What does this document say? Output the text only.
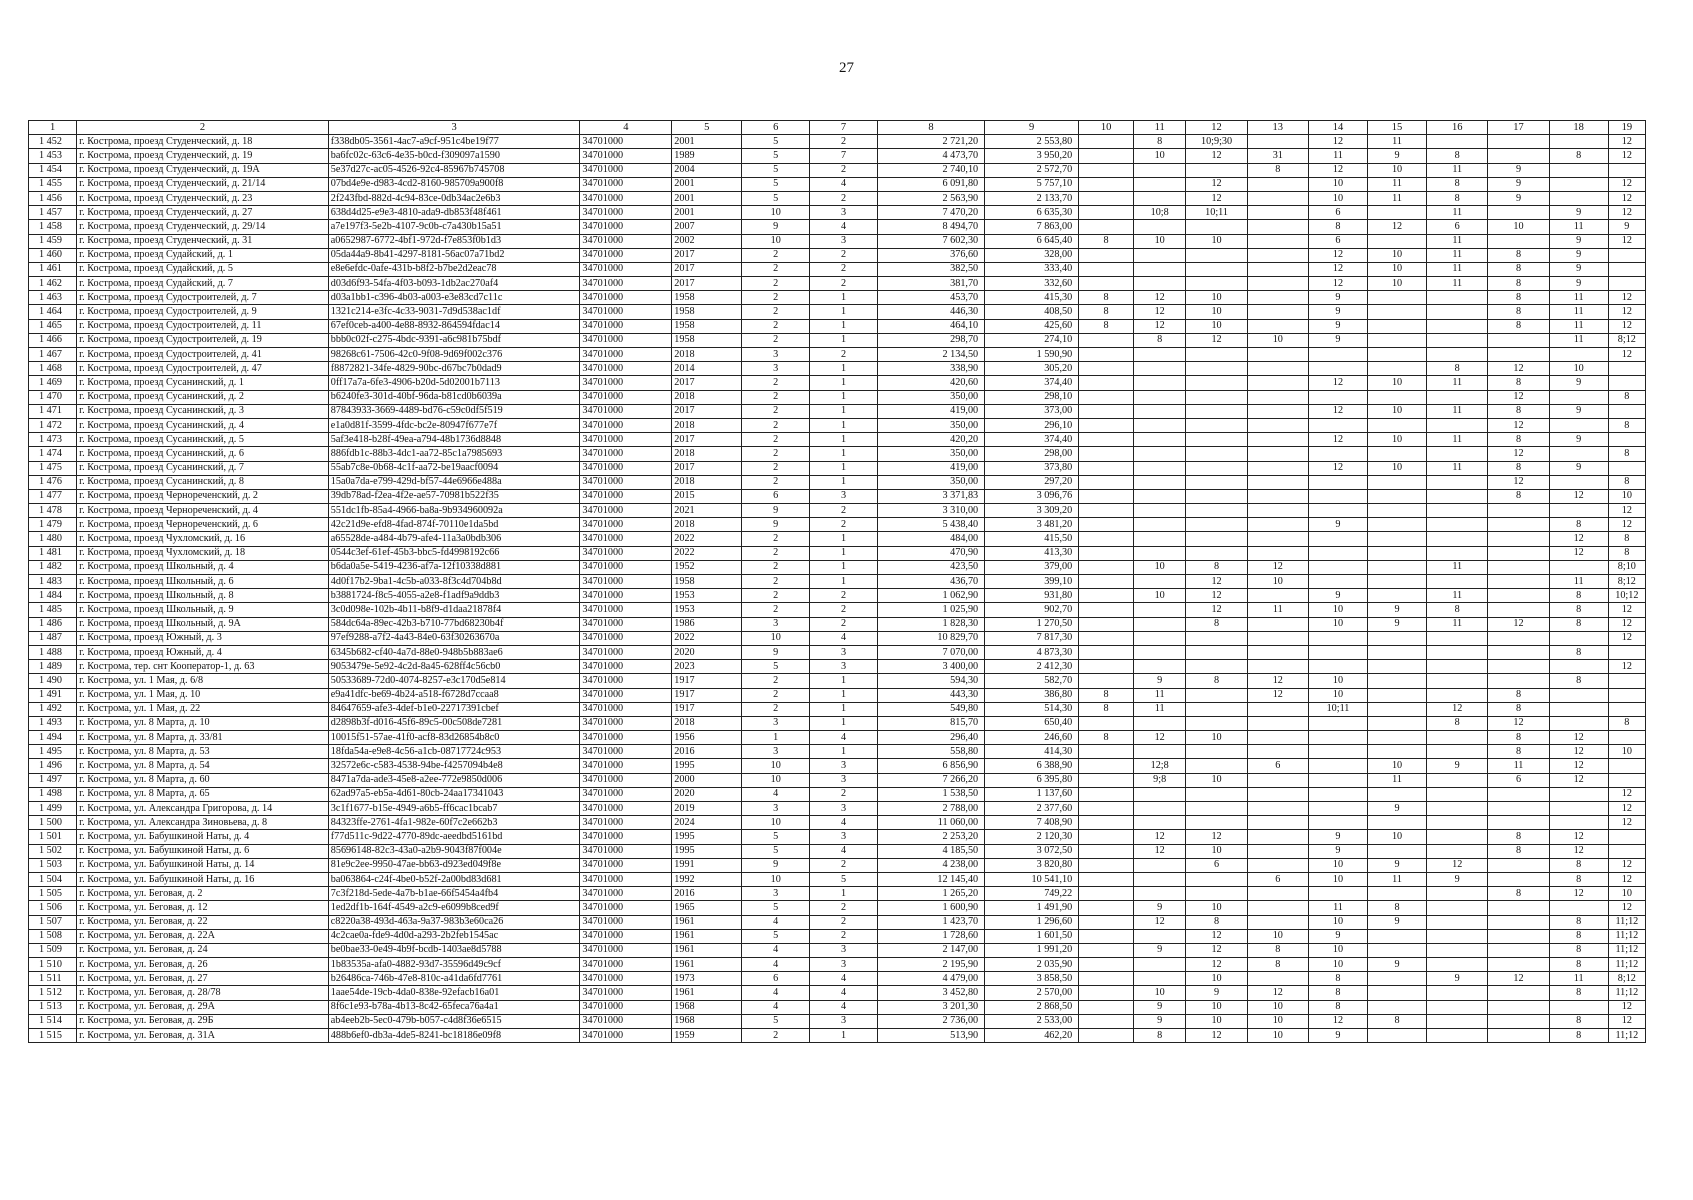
27
1	2	3	4	5	6	7	8	9	10	11	12	13	14	15	16	17	18	19
1 452	г. Кострома, проезд Студенческий, д. 18	f338db05-3561-4ac7-a9cf-951c4be19f77	34701000	2001	5	2	2 721,20	2 553,80		8	10;9;30		12	11				12
1 453	г. Кострома, проезд Студенческий, д. 19	ba6fc02c-63c6-4e35-b0cd-f309097a1590	34701000	1989	5	7	4 473,70	3 950,20		10	12	31	11	9	8		8	12
1 454	г. Кострома, проезд Студенческий, д. 19А	5e37d27c-ac05-4526-92c4-85967b745708	34701000	2004	5	2	2 740,10	2 572,70				8	12	10	11	9		
1 455	г. Кострома, проезд Студенческий, д. 21/14	07bd4e9e-d983-4cd2-8160-985709a900f8	34701000	2001	5	4	6 091,80	5 757,10			12		10	11	8	9		12
1 456	г. Кострома, проезд Студенческий, д. 23	2f243fbd-882d-4c94-83ce-0db34ac2e6b3	34701000	2001	5	2	2 563,90	2 133,70			12		10	11	8	9		12
1 457	г. Кострома, проезд Студенческий, д. 27	638d4d25-e9e3-4810-ada9-db853f48f461	34701000	2001	10	3	7 470,20	6 635,30		10;8	10;11		6		11		9	12
1 458	г. Кострома, проезд Студенческий, д. 29/14	a7e197f3-5e2b-4107-9c0b-c7a430b15a51	34701000	2007	9	4	8 494,70	7 863,00					8	12	6	10	11	9
1 459	г. Кострома, проезд Студенческий, д. 31	a0652987-6772-4bf1-972d-f7e853f0b1d3	34701000	2002	10	3	7 602,30	6 645,40	8	10	10		6		11		9	12
1 460	г. Кострома, проезд Судайский, д. 1	05da44a9-8b41-4297-8181-56ac07a71bd2	34701000	2017	2	2	376,60	328,00					12	10	11	8	9	
1 461	г. Кострома, проезд Судайский, д. 5	e8e6efdc-0afe-431b-b8f2-b7be2d2eac78	34701000	2017	2	2	382,50	333,40					12	10	11	8	9	
1 462	г. Кострома, проезд Судайский, д. 7	d03d6f93-54fa-4f03-b093-1db2ac270af4	34701000	2017	2	2	381,70	332,60					12	10	11	8	9	
1 463	г. Кострома, проезд Судостроителей, д. 7	d03a1bb1-c396-4b03-a003-e3e83cd7c11c	34701000	1958	2	1	453,70	415,30	8	12	10		9			8	11	12
1 464	г. Кострома, проезд Судостроителей, д. 9	1321c214-e3fc-4c33-9031-7d9d538ac1df	34701000	1958	2	1	446,30	408,50	8	12	10		9			8	11	12
1 465	г. Кострома, проезд Судостроителей, д. 11	67ef0ceb-a400-4e88-8932-864594fdac14	34701000	1958	2	1	464,10	425,60	8	12	10		9			8	11	12
1 466	г. Кострома, проезд Судостроителей, д. 19	bbb0c02f-c275-4bdc-9391-a6c981b75bdf	34701000	1958	2	1	298,70	274,10		8	12	10	9				11	8;12
1 467	г. Кострома, проезд Судостроителей, д. 41	98268c61-7506-42c0-9f08-9d69f002c376	34701000	2018	3	2	2 134,50	1 590,90										12
1 468	г. Кострома, проезд Судостроителей, д. 47	f8872821-34fe-4829-90bc-d67bc7b0dad9	34701000	2014	3	1	338,90	305,20							8	12	10	
1 469	г. Кострома, проезд Сусанинский, д. 1	0ff17a7a-6fe3-4906-b20d-5d02001b7113	34701000	2017	2	1	420,60	374,40					12	10	11	8	9	
1 470	г. Кострома, проезд Сусанинский, д. 2	b6240fe3-301d-40bf-96da-b81cd0b6039a	34701000	2018	2	1	350,00	298,10								12		8
1 471	г. Кострома, проезд Сусанинский, д. 3	87843933-3669-4489-bd76-c59c0df5f519	34701000	2017	2	1	419,00	373,00					12	10	11	8	9	
1 472	г. Кострома, проезд Сусанинский, д. 4	e1a0d81f-3599-4fdc-bc2e-80947f677e7f	34701000	2018	2	1	350,00	296,10								12		8
1 473	г. Кострома, проезд Сусанинский, д. 5	5af3e418-b28f-49ea-a794-48b1736d8848	34701000	2017	2	1	420,20	374,40					12	10	11	8	9	
1 474	г. Кострома, проезд Сусанинский, д. 6	886fdb1c-88b3-4dc1-aa72-85c1a7985693	34701000	2018	2	1	350,00	298,00								12		8
1 475	г. Кострома, проезд Сусанинский, д. 7	55ab7c8e-0b68-4c1f-aa72-be19aacf0094	34701000	2017	2	1	419,00	373,80					12	10	11	8	9	
1 476	г. Кострома, проезд Сусанинский, д. 8	15a0a7da-e799-429d-bf57-44e6966e488a	34701000	2018	2	1	350,00	297,20								12		8
1 477	г. Кострома, проезд Чернореченский, д. 2	39db78ad-f2ea-4f2e-ae57-70981b522f35	34701000	2015	6	3	3 371,83	3 096,76								8	12	10
1 478	г. Кострома, проезд Чернореченский, д. 4	551dc1fb-85a4-4966-ba8a-9b934960092a	34701000	2021	9	2	3 310,00	3 309,20										12
1 479	г. Кострома, проезд Чернореченский, д. 6	42c21d9e-efd8-4fad-874f-70110e1da5bd	34701000	2018	9	2	5 438,40	3 481,20					9				8	12
1 480	г. Кострома, проезд Чухломский, д. 16	a65528de-a484-4b79-afe4-11a3a0bdb306	34701000	2022	2	1	484,00	415,50									12	8
1 481	г. Кострома, проезд Чухломский, д. 18	0544c3ef-61ef-45b3-bbc5-fd4998192c66	34701000	2022	2	1	470,90	413,30									12	8
1 482	г. Кострома, проезд Школьный, д. 4	b6da0a5e-5419-4236-af7a-12f10338d881	34701000	1952	2	1	423,50	379,00		10	8	12			11			8;10
1 483	г. Кострома, проезд Школьный, д. 6	4d0f17b2-9ba1-4c5b-a033-8f3c4d704b8d	34701000	1958	2	1	436,70	399,10			12	10					11	8;12
1 484	г. Кострома, проезд Школьный, д. 8	b3881724-f8c5-4055-a2e8-f1adf9a9ddb3	34701000	1953	2	2	1 062,90	931,80		10	12		9		11		8	10;12
1 485	г. Кострома, проезд Школьный, д. 9	3c0d098e-102b-4b11-b8f9-d1daa21878f4	34701000	1953	2	2	1 025,90	902,70			12	11	10	9	8		8	12
1 486	г. Кострома, проезд Школьный, д. 9А	584dc64a-89ec-42b3-b710-77bd68230b4f	34701000	1986	3	2	1 828,30	1 270,50			8		10	9	11	12	8	12
1 487	г. Кострома, проезд Южный, д. 3	97ef9288-a7f2-4a43-84e0-63f30263670a	34701000	2022	10	4	10 829,70	7 817,30										12
1 488	г. Кострома, проезд Южный, д. 4	6345b682-cf40-4a7d-88e0-948b5b883ae6	34701000	2020	9	3	7 070,00	4 873,30									8	
1 489	г. Кострома, тер. снт Кооператор-1, д. 63	9053479e-5e92-4c2d-8a45-628ff4c56cb0	34701000	2023	5	3	3 400,00	2 412,30										12
1 490	г. Кострома, ул. 1 Мая, д. 6/8	50533689-72d0-4074-8257-e3c170d5e814	34701000	1917	2	1	594,30	582,70		9	8	12	10				8	
1 491	г. Кострома, ул. 1 Мая, д. 10	e9a41dfc-be69-4b24-a518-f6728d7ccaa8	34701000	1917	2	1	443,30	386,80	8	11		12	10			8		
1 492	г. Кострома, ул. 1 Мая, д. 22	84647659-afe3-4def-b1e0-22717391cbef	34701000	1917	2	1	549,80	514,30	8	11			10;11		12	8		
1 493	г. Кострома, ул. 8 Марта, д. 10	d2898b3f-d016-45f6-89c5-00c508de7281	34701000	2018	3	1	815,70	650,40							8	12		8
1 494	г. Кострома, ул. 8 Марта, д. 33/81	10015f51-57ae-41f0-acf8-83d26854b8c0	34701000	1956	1	4	296,40	246,60	8	12	10					8	12	
1 495	г. Кострома, ул. 8 Марта, д. 53	18fda54a-e9e8-4c56-a1cb-08717724c953	34701000	2016	3	1	558,80	414,30								8	12	10
1 496	г. Кострома, ул. 8 Марта, д. 54	32572e6c-c583-4538-94be-f4257094b4e8	34701000	1995	10	3	6 856,90	6 388,90		12;8		6		10	9	11	12	
1 497	г. Кострома, ул. 8 Марта, д. 60	8471a7da-ade3-45e8-a2ee-772e9850d006	34701000	2000	10	3	7 266,20	6 395,80		9;8	10			11		6	12	
1 498	г. Кострома, ул. 8 Марта, д. 65	62ad97a5-eb5a-4d61-80cb-24aa17341043	34701000	2020	4	2	1 538,50	1 137,60										12
1 499	г. Кострома, ул. Александра Григорова, д. 14	3c1f1677-b15e-4949-a6b5-ff6cac1bcab7	34701000	2019	3	3	2 788,00	2 377,60						9				12
1 500	г. Кострома, ул. Александра Зиновьева, д. 8	84323ffe-2761-4fa1-982e-60f7c2e662b3	34701000	2024	10	4	11 060,00	7 408,90										12
1 501	г. Кострома, ул. Бабушкиной Наты, д. 4	f77d511c-9d22-4770-89dc-aeedbd5161bd	34701000	1995	5	3	2 253,20	2 120,30		12	12		9	10		8	12	
1 502	г. Кострома, ул. Бабушкиной Наты, д. 6	85696148-82c3-43a0-a2b9-9043f87f004e	34701000	1995	5	4	4 185,50	3 072,50		12	10		9			8	12	
1 503	г. Кострома, ул. Бабушкиной Наты, д. 14	81e9c2ee-9950-47ae-bb63-d923ed049f8e	34701000	1991	9	2	4 238,00	3 820,80			6		10	9	12		8	12
1 504	г. Кострома, ул. Бабушкиной Наты, д. 16	ba063864-c24f-4be0-b52f-2a00bd83d681	34701000	1992	10	5	12 145,40	10 541,10				6	10	11	9		8	12
1 505	г. Кострома, ул. Беговая, д. 2	7c3f218d-5ede-4a7b-b1ae-66f5454a4fb4	34701000	2016	3	1	1 265,20	749,22								8	12	10
1 506	г. Кострома, ул. Беговая, д. 12	1ed2df1b-164f-4549-a2c9-e6099b8ced9f	34701000	1965	5	2	1 600,90	1 491,90		9	10		11	8				12
1 507	г. Кострома, ул. Беговая, д. 22	c8220a38-493d-463a-9a37-983b3e60ca26	34701000	1961	4	2	1 423,70	1 296,60		12	8		10	9			8	11;12
1 508	г. Кострома, ул. Беговая, д. 22А	4c2cae0a-fde9-4d0d-a293-2b2feb1545ac	34701000	1961	5	2	1 728,60	1 601,50			12	10	9				8	11;12
1 509	г. Кострома, ул. Беговая, д. 24	be0bae33-0e49-4b9f-bcdb-1403ae8d5788	34701000	1961	4	3	2 147,00	1 991,20		9	12	8	10				8	11;12
1 510	г. Кострома, ул. Беговая, д. 26	1b83535a-afa0-4882-93d7-35596d49c9cf	34701000	1961	4	3	2 195,90	2 035,90			12	8	10	9			8	11;12
1 511	г. Кострома, ул. Беговая, д. 27	b26486ca-746b-47e8-810c-a41da6fd7761	34701000	1973	6	4	4 479,00	3 858,50			10		8		9	12	11	8;12
1 512	г. Кострома, ул. Беговая, д. 28/78	1aae54de-19cb-4da0-838e-92efacb16a01	34701000	1961	4	4	3 452,80	2 570,00		10	9	12	8				8	11;12
1 513	г. Кострома, ул. Беговая, д. 29А	8f6c1e93-b78a-4b13-8c42-65feca76a4a1	34701000	1968	4	4	3 201,30	2 868,50		9	10	10	8					12
1 514	г. Кострома, ул. Беговая, д. 29Б	ab4eeb2b-5ec0-479b-b057-c4d8f36e6515	34701000	1968	5	3	2 736,00	2 533,00		9	10	10	12	8			8	12
1 515	г. Кострома, ул. Беговая, д. 31А	488b6ef0-db3a-4de5-8241-bc18186e09f8	34701000	1959	2	1	513,90	462,20		8	12	10	9				8	11;12
